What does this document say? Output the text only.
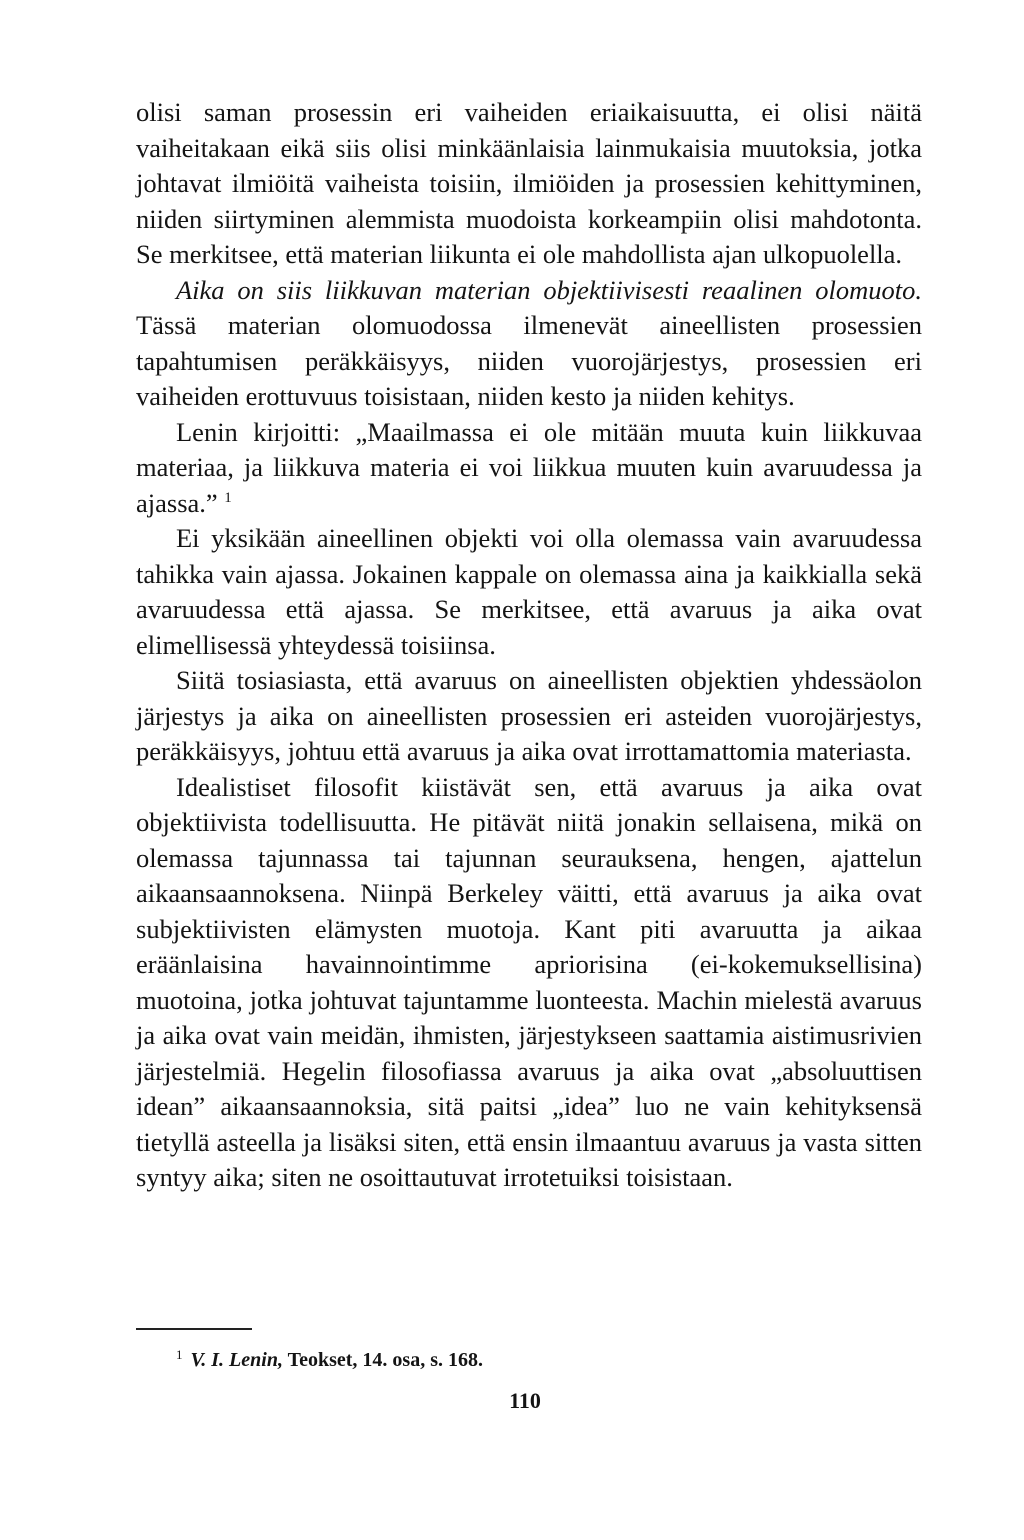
olisi saman prosessin eri vaiheiden eriaikaisuutta, ei olisi näitä vaiheitakaan eikä siis olisi minkäänlaisia lainmukaisia muutoksia, jotka johtavat ilmiöitä vaiheista toisiin, ilmiöiden ja prosessien kehittyminen, niiden siirtyminen alemmista muodoista korkeampiin olisi mahdotonta. Se merkitsee, että materian liikunta ei ole mahdollista ajan ulkopuolella.

Aika on siis liikkuvan materian objektiivisesti reaalinen olomuoto. Tässä materian olomuodossa ilmenevät aineellisten prosessien tapahtumisen peräkkäisyys, niiden vuorojärjestys, prosessien eri vaiheiden erottuvuus toisistaan, niiden kesto ja niiden kehitys.

Lenin kirjoitti: „Maailmassa ei ole mitään muuta kuin liikkuvaa materiaa, ja liikkuva materia ei voi liikkua muuten kuin avaruudessa ja ajassa.” $^1$

Ei yksikään aineellinen objekti voi olla olemassa vain avaruudessa tahikka vain ajassa. Jokainen kappale on olemassa aina ja kaikkialla sekä avaruudessa että ajassa. Se merkitsee, että avaruus ja aika ovat elimellisessä yhteydessä toisiinsa.

Siitä tosiasiasta, että avaruus on aineellisten objektien yhdessäolon järjestys ja aika on aineellisten prosessien eri asteiden vuorojärjestys, peräkkäisyys, johtuu että avaruus ja aika ovat irrottamattomia materiasta.

Idealistiset filosofit kiistävät sen, että avaruus ja aika ovat objektiivista todellisuutta. He pitävät niitä jonakin sellaisena, mikä on olemassa tajunnassa tai tajunnan seurauksena, hengen, ajattelun aikaansaannoksena. Niinpä Berkeley väitti, että avaruus ja aika ovat subjektiivisten elämysten muotoja. Kant piti avaruutta ja aikaa eräänlaisina havainnointimme apriorisina (ei-kokemuksellisina) muotoina, jotka johtuvat tajuntamme luonteesta. Machin mielestä avaruus ja aika ovat vain meidän, ihmisten, järjestykseen saattamia aistimusrivien järjestelmiä. Hegelin filosofiassa avaruus ja aika ovat „absoluuttisen idean” aikaansaannoksia, sitä paitsi „idea” luo ne vain kehityksensä tietyllä asteella ja lisäksi siten, että ensin ilmaantuu avaruus ja vasta sitten syntyy aika; siten ne osoittautuvat irrotetuiksi toisistaan.

$^1$ V. I. Lenin, Teokset, 14. osa, s. 168.
110
